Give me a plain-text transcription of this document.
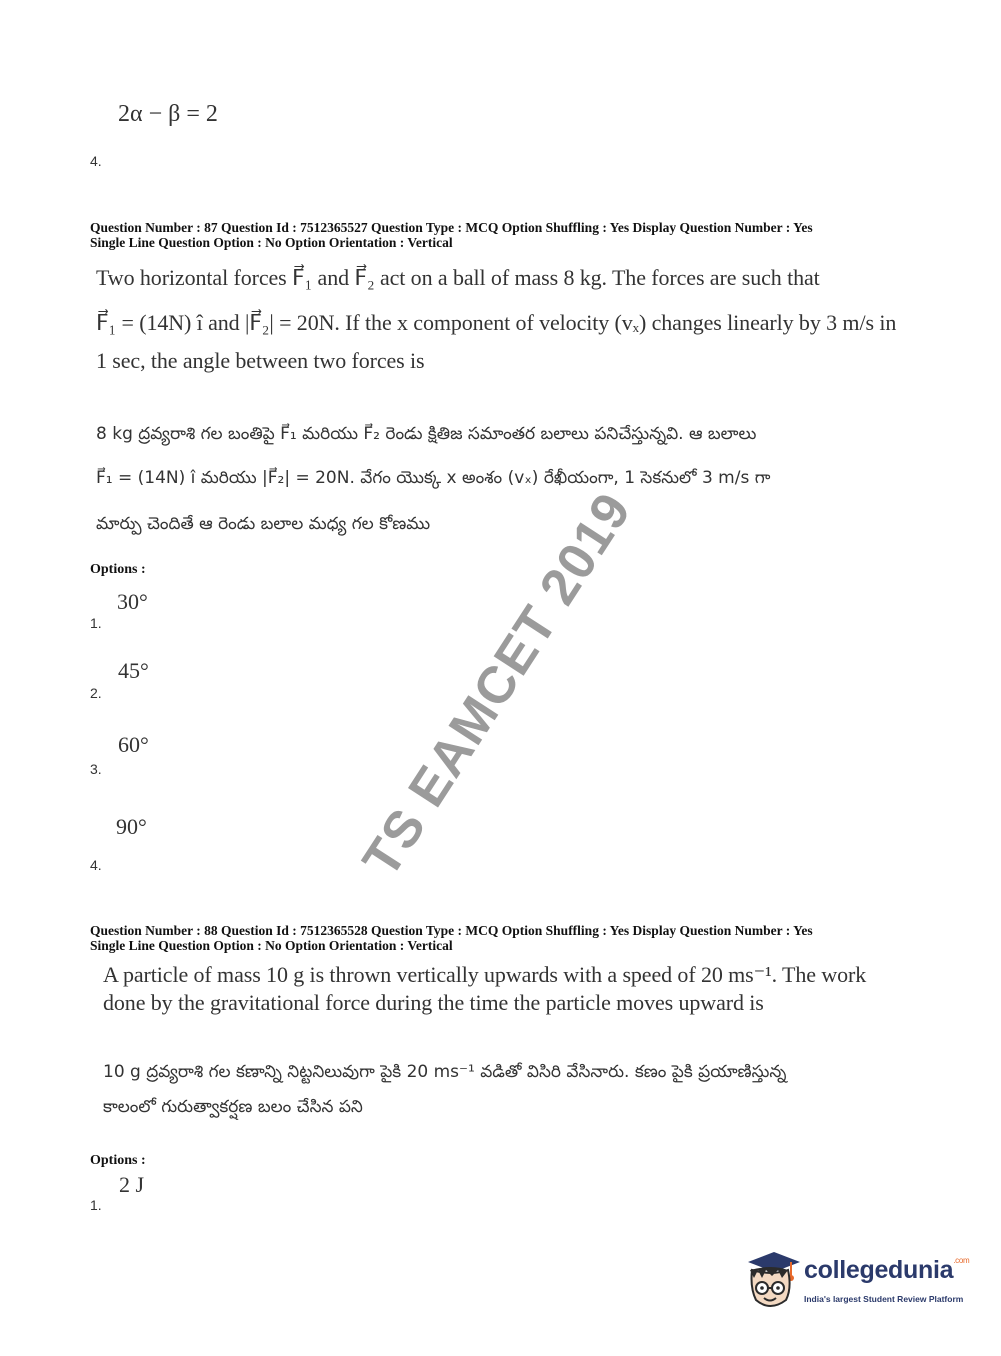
2α − β = 2
4.
Question Number : 87 Question Id : 7512365527 Question Type : MCQ Option Shuffling : Yes Display Question Number : Yes
Single Line Question Option : No Option Orientation : Vertical
Two horizontal forces F⃗₁ and F⃗₂ act on a ball of mass 8 kg. The forces are such that
F⃗₁ = (14N) î and |F⃗₂| = 20N. If the x component of velocity (vₓ) changes linearly by 3 m/s in
1 sec, the angle between two forces is
8 kg ద్రవ్యరాశి గల బంతిపై F⃗₁ మరియు F⃗₂ రెండు క్షితిజ సమాంతర బలాలు పనిచేస్తున్నవి. ఆ బలాలు
F⃗₁ = (14N) î మరియు |F⃗₂| = 20N. వేగం యొక్క x అంశం (vₓ) రేఖీయంగా, 1 సెకనులో 3 m/s గా
మార్పు చెందితే ఆ రెండు బలాల మధ్య గల కోణము
Options :
30°
1.
45°
2.
60°
3.
90°
4.
Question Number : 88 Question Id : 7512365528 Question Type : MCQ Option Shuffling : Yes Display Question Number : Yes
Single Line Question Option : No Option Orientation : Vertical
A particle of mass 10 g is thrown vertically upwards with a speed of 20 ms⁻¹. The work
done by the gravitational force during the time the particle moves upward is
10 g ద్రవ్యరాశి గల కణాన్ని నిట్టనిలువుగా పైకి 20 ms⁻¹ వడితో విసిరి వేసినారు. కణం పైకి ప్రయాణిస్తున్న
కాలంలో గురుత్వాకర్షణ బలం చేసిన పని
Options :
2 J
1.
TS EAMCET 2019
collegedunia$^{.com}$
India's largest Student Review Platform
